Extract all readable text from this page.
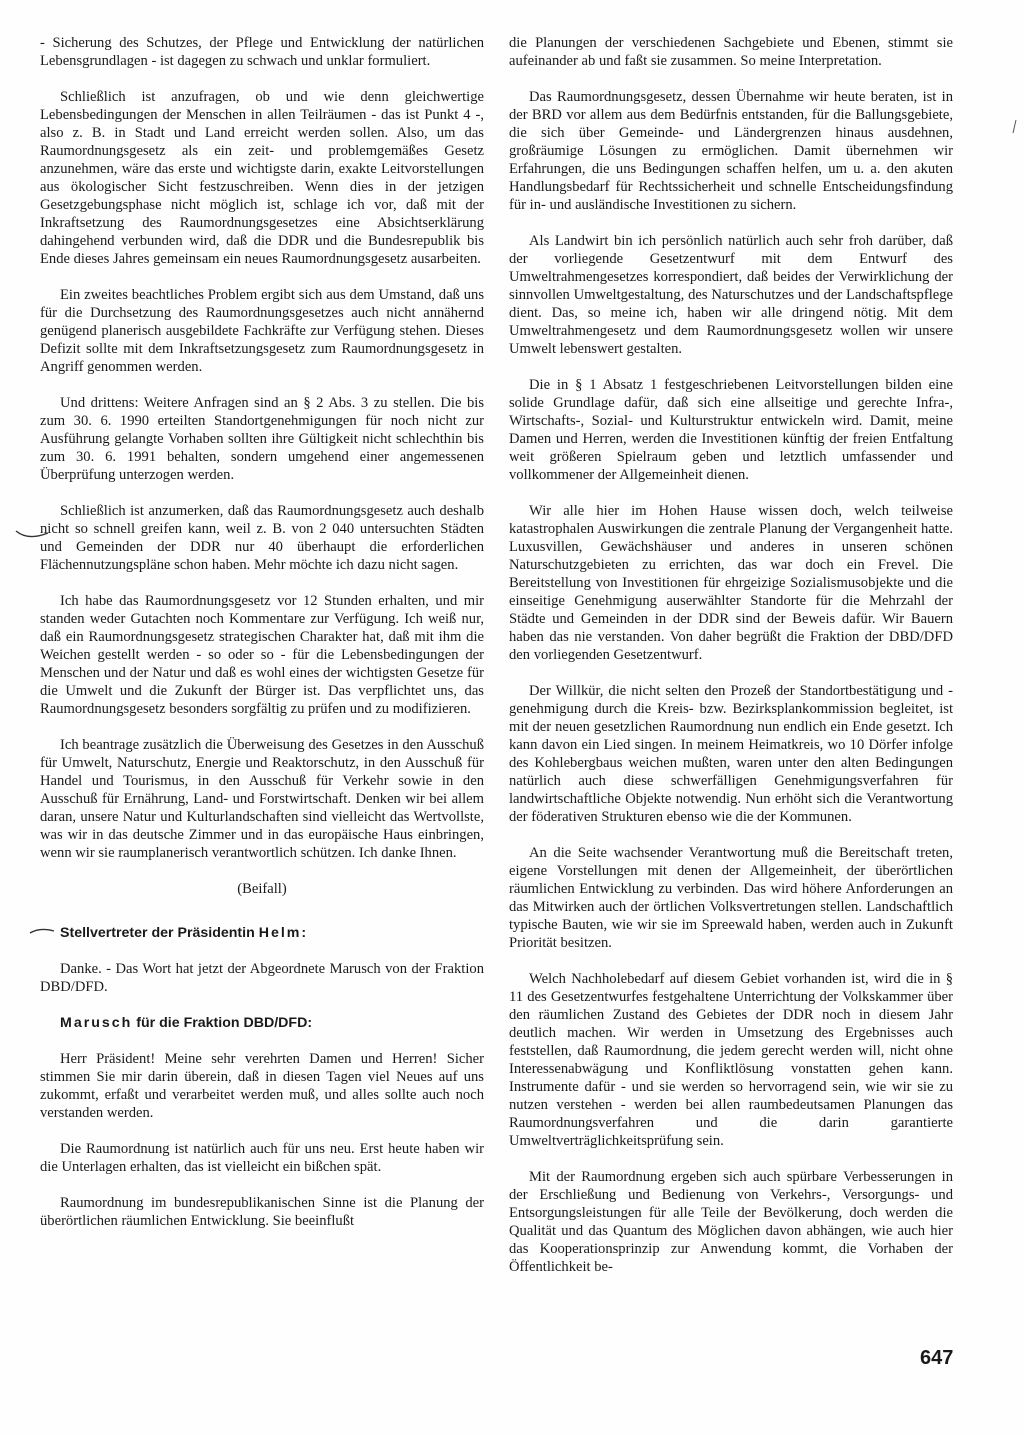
- Sicherung des Schutzes, der Pflege und Entwicklung der natürlichen Lebensgrundlagen - ist dagegen zu schwach und unklar formuliert.

Schließlich ist anzufragen, ob und wie denn gleichwertige Lebensbedingungen der Menschen in allen Teilräumen - das ist Punkt 4 -, also z. B. in Stadt und Land erreicht werden sollen. Also, um das Raumordnungsgesetz als ein zeit- und problemgemäßes Gesetz anzunehmen, wäre das erste und wichtigste darin, exakte Leitvorstellungen aus ökologischer Sicht festzuschreiben. Wenn dies in der jetzigen Gesetzgebungsphase nicht möglich ist, schlage ich vor, daß mit der Inkraftsetzung des Raumordnungsgesetzes eine Absichtserklärung dahingehend verbunden wird, daß die DDR und die Bundesrepublik bis Ende dieses Jahres gemeinsam ein neues Raumordnungsgesetz ausarbeiten.

Ein zweites beachtliches Problem ergibt sich aus dem Umstand, daß uns für die Durchsetzung des Raumordnungsgesetzes auch nicht annähernd genügend planerisch ausgebildete Fachkräfte zur Verfügung stehen. Dieses Defizit sollte mit dem Inkraftsetzungsgesetz zum Raumordnungsgesetz in Angriff genommen werden.

Und drittens: Weitere Anfragen sind an § 2 Abs. 3 zu stellen. Die bis zum 30. 6. 1990 erteilten Standortgenehmigungen für noch nicht zur Ausführung gelangte Vorhaben sollten ihre Gültigkeit nicht schlechthin bis zum 30. 6. 1991 behalten, sondern umgehend einer angemessenen Überprüfung unterzogen werden.

Schließlich ist anzumerken, daß das Raumordnungsgesetz auch deshalb nicht so schnell greifen kann, weil z. B. von 2 040 untersuchten Städten und Gemeinden der DDR nur 40 überhaupt die erforderlichen Flächennutzungspläne schon haben. Mehr möchte ich dazu nicht sagen.

Ich habe das Raumordnungsgesetz vor 12 Stunden erhalten, und mir standen weder Gutachten noch Kommentare zur Verfügung. Ich weiß nur, daß ein Raumordnungsgesetz strategischen Charakter hat, daß mit ihm die Weichen gestellt werden - so oder so - für die Lebensbedingungen der Menschen und der Natur und daß es wohl eines der wichtigsten Gesetze für die Umwelt und die Zukunft der Bürger ist. Das verpflichtet uns, das Raumordnungsgesetz besonders sorgfältig zu prüfen und zu modifizieren.

Ich beantrage zusätzlich die Überweisung des Gesetzes in den Ausschuß für Umwelt, Naturschutz, Energie und Reaktorschutz, in den Ausschuß für Handel und Tourismus, in den Ausschuß für Verkehr sowie in den Ausschuß für Ernährung, Land- und Forstwirtschaft. Denken wir bei allem daran, unsere Natur und Kulturlandschaften sind vielleicht das Wertvollste, was wir in das deutsche Zimmer und in das europäische Haus einbringen, wenn wir sie raumplanerisch verantwortlich schützen. Ich danke Ihnen.

(Beifall)

Stellvertreter der Präsidentin Helm:

Danke. - Das Wort hat jetzt der Abgeordnete Marusch von der Fraktion DBD/DFD.

Marusch für die Fraktion DBD/DFD:

Herr Präsident! Meine sehr verehrten Damen und Herren! Sicher stimmen Sie mir darin überein, daß in diesen Tagen viel Neues auf uns zukommt, erfaßt und verarbeitet werden muß, und alles sollte auch noch verstanden werden.

Die Raumordnung ist natürlich auch für uns neu. Erst heute haben wir die Unterlagen erhalten, das ist vielleicht ein bißchen spät.

Raumordnung im bundesrepublikanischen Sinne ist die Planung der überörtlichen räumlichen Entwicklung. Sie beeinflußt

die Planungen der verschiedenen Sachgebiete und Ebenen, stimmt sie aufeinander ab und faßt sie zusammen. So meine Interpretation.

Das Raumordnungsgesetz, dessen Übernahme wir heute beraten, ist in der BRD vor allem aus dem Bedürfnis entstanden, für die Ballungsgebiete, die sich über Gemeinde- und Ländergrenzen hinaus ausdehnen, großräumige Lösungen zu ermöglichen. Damit übernehmen wir Erfahrungen, die uns Bedingungen schaffen helfen, um u. a. den akuten Handlungsbedarf für Rechtssicherheit und schnelle Entscheidungsfindung für in- und ausländische Investitionen zu sichern.

Als Landwirt bin ich persönlich natürlich auch sehr froh darüber, daß der vorliegende Gesetzentwurf mit dem Entwurf des Umweltrahmengesetzes korrespondiert, daß beides der Verwirklichung der sinnvollen Umweltgestaltung, des Naturschutzes und der Landschaftspflege dient. Das, so meine ich, haben wir alle dringend nötig. Mit dem Umweltrahmengesetz und dem Raumordnungsgesetz wollen wir unsere Umwelt lebenswert gestalten.

Die in § 1 Absatz 1 festgeschriebenen Leitvorstellungen bilden eine solide Grundlage dafür, daß sich eine allseitige und gerechte Infra-, Wirtschafts-, Sozial- und Kulturstruktur entwickeln wird. Damit, meine Damen und Herren, werden die Investitionen künftig der freien Entfaltung weit größeren Spielraum geben und letztlich umfassender und vollkommener der Allgemeinheit dienen.

Wir alle hier im Hohen Hause wissen doch, welch teilweise katastrophalen Auswirkungen die zentrale Planung der Vergangenheit hatte. Luxusvillen, Gewächshäuser und anderes in unseren schönen Naturschutzgebieten zu errichten, das war doch ein Frevel. Die Bereitstellung von Investitionen für ehrgeizige Sozialismusobjekte und die einseitige Genehmigung auserwählter Standorte für die Mehrzahl der Städte und Gemeinden in der DDR sind der Beweis dafür. Wir Bauern haben das nie verstanden. Von daher begrüßt die Fraktion der DBD/DFD den vorliegenden Gesetzentwurf.

Der Willkür, die nicht selten den Prozeß der Standortbestätigung und -genehmigung durch die Kreis- bzw. Bezirksplankommission begleitet, ist mit der neuen gesetzlichen Raumordnung nun endlich ein Ende gesetzt. Ich kann davon ein Lied singen. In meinem Heimatkreis, wo 10 Dörfer infolge des Kohlebergbaus weichen mußten, waren unter den alten Bedingungen natürlich auch diese schwerfälligen Genehmigungsverfahren für landwirtschaftliche Objekte notwendig. Nun erhöht sich die Verantwortung der föderativen Strukturen ebenso wie die der Kommunen.

An die Seite wachsender Verantwortung muß die Bereitschaft treten, eigene Vorstellungen mit denen der Allgemeinheit, der überörtlichen räumlichen Entwicklung zu verbinden. Das wird höhere Anforderungen an das Mitwirken auch der örtlichen Volksvertretungen stellen. Landschaftlich typische Bauten, wie wir sie im Spreewald haben, werden auch in Zukunft Priorität besitzen.

Welch Nachholebedarf auf diesem Gebiet vorhanden ist, wird die in § 11 des Gesetzentwurfes festgehaltene Unterrichtung der Volkskammer über den räumlichen Zustand des Gebietes der DDR noch in diesem Jahr deutlich machen. Wir werden in Umsetzung des Ergebnisses auch feststellen, daß Raumordnung, die jedem gerecht werden will, nicht ohne Interessenabwägung und Konfliktlösung vonstatten gehen kann. Instrumente dafür - und sie werden so hervorragend sein, wie wir sie zu nutzen verstehen - werden bei allen raumbedeutsamen Planungen das Raumordnungsverfahren und die darin garantierte Umweltverträglichkeitsprüfung sein.

Mit der Raumordnung ergeben sich auch spürbare Verbesserungen in der Erschließung und Bedienung von Verkehrs-, Versorgungs- und Entsorgungsleistungen für alle Teile der Bevölkerung, doch werden die Qualität und das Quantum des Möglichen davon abhängen, wie auch hier das Kooperationsprinzip zur Anwendung kommt, die Vorhaben der Öffentlichkeit be-

647
